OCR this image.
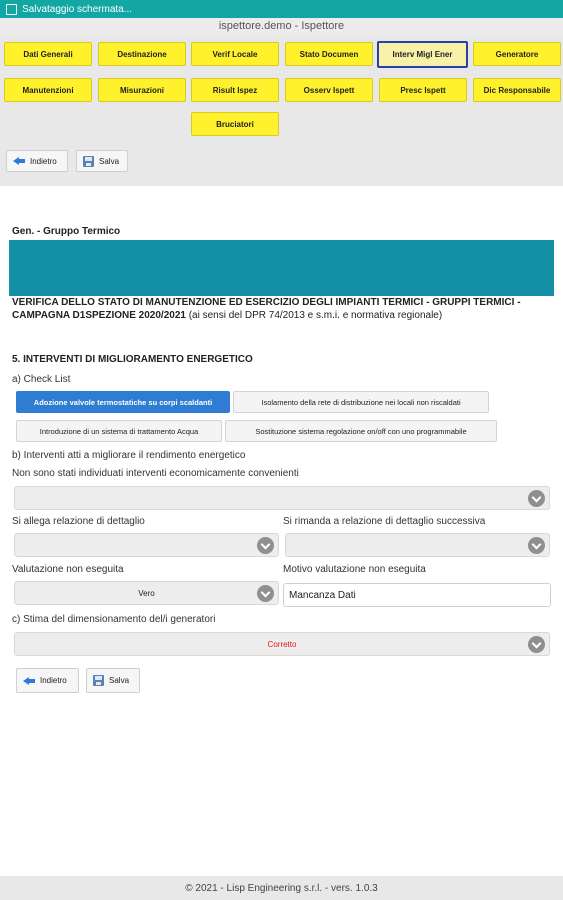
Salvataggio schermata...
ispettore.demo - Ispettore
Dati Generali	Destinazione	Verif Locale	Stato Documen	Interv Migl Ener	Generatore
Manutenzioni	Misurazioni	Risult Ispez	Osserv Ispett	Presc Ispett	Dic Responsabile
Bruciatori
Indietro	Salva
Gen. - Gruppo Termico
VERIFICA DELLO STATO DI MANUTENZIONE ED ESERCIZIO DEGLI IMPIANTI TERMICI - GRUPPI TERMICI - CAMPAGNA D1SPEZIONE 2020/2021 (ai sensi del DPR 74/2013 e s.m.i. e normativa regionale)
5. INTERVENTI DI MIGLIORAMENTO ENERGETICO
a) Check List
Adozione valvole termostatiche su corpi scaldanti	Isolamento della rete di distribuzione nei locali non riscaldati
Introduzione di un sistema di trattamento Acqua	Sostituzione sistema regolazione on/off con uno programmabile
b) Interventi atti a migliorare il rendimento energetico
Non sono stati individuati interventi economicamente convenienti
Si allega relazione di dettaglio	Si rimanda a relazione di dettaglio successiva
Valutazione non eseguita	Motivo valutazione non eseguita
Vero	Mancanza Dati
c) Stima del dimensionamento del/i generatori
Corretto
Indietro	Salva
© 2021 - Lisp Engineering s.r.l. - vers. 1.0.3
